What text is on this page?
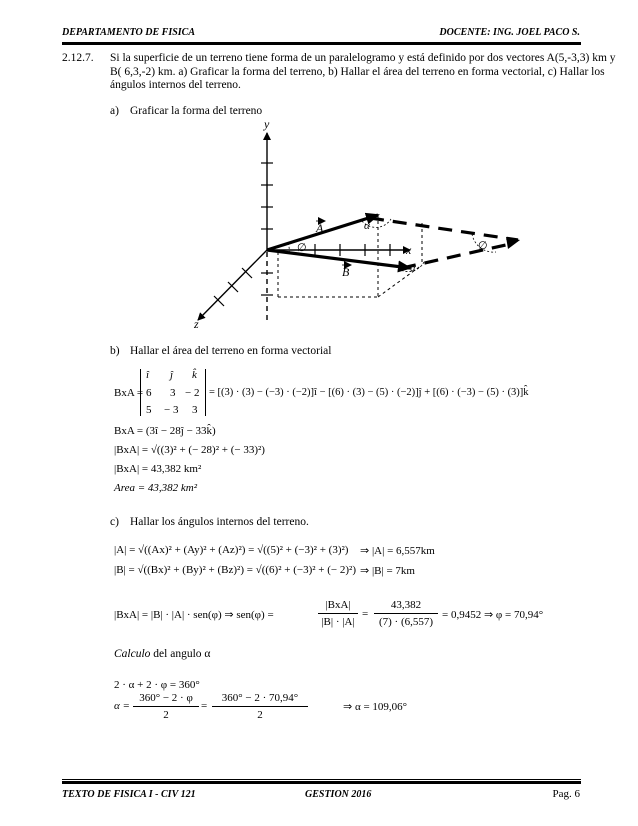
DEPARTAMENTO DE FISICA	DOCENTE: ING. JOEL PACO S.
2.12.7. Si la superficie de un terreno tiene forma de un paralelogramo y está definido por dos vectores A(5,-3,3) km y
B( 6,3,-2) km. a) Graficar la forma del terreno, b) Hallar el área del terreno en forma vectorial, c) Hallar los
ángulos internos del terreno.
a) Graficar la forma del terreno
y
x
z
A
B
α
α
∅	∅
b) Hallar el área del terreno en forma vectorial
BxA =
î ĵ k̂
6 3 − 2
5 − 3 3
= [(3) · (3) − (−3) · (−2)]î − [(6) · (3) − (5) · (−2)]ĵ + [(6) · (−3) − (5) · (3)]k̂
BxA = (3î − 28ĵ − 33k̂)
|BxA| = √((3)² + (− 28)² + (− 33)²)
|BxA| = 43,382 km²
Area = 43,382 km²
c) Hallar los ángulos internos del terreno.
|A| = √((Ax)² + (Ay)² + (Az)²) = √((5)² + (−3)² + (3)²) ⇒ |A| = 6,557km
|B| = √((Bx)² + (By)² + (Bz)²) = √((6)² + (−3)² + (− 2)²) ⇒ |B| = 7km
|BxA| = |B| · |A| · sen(φ) ⇒ sen(φ) =
|BxA|
|B| · |A|
=
43,382
(7) · (6,557)
= 0,9452 ⇒ φ = 70,94°
Calculo del angulo α
2 · α + 2 · φ = 360°
α =
360° − 2 · φ
2
=
360° − 2 · 70,94°
2
⇒ α = 109,06°
TEXTO DE FISICA I - CIV 121	GESTION 2016	Pag. 6
